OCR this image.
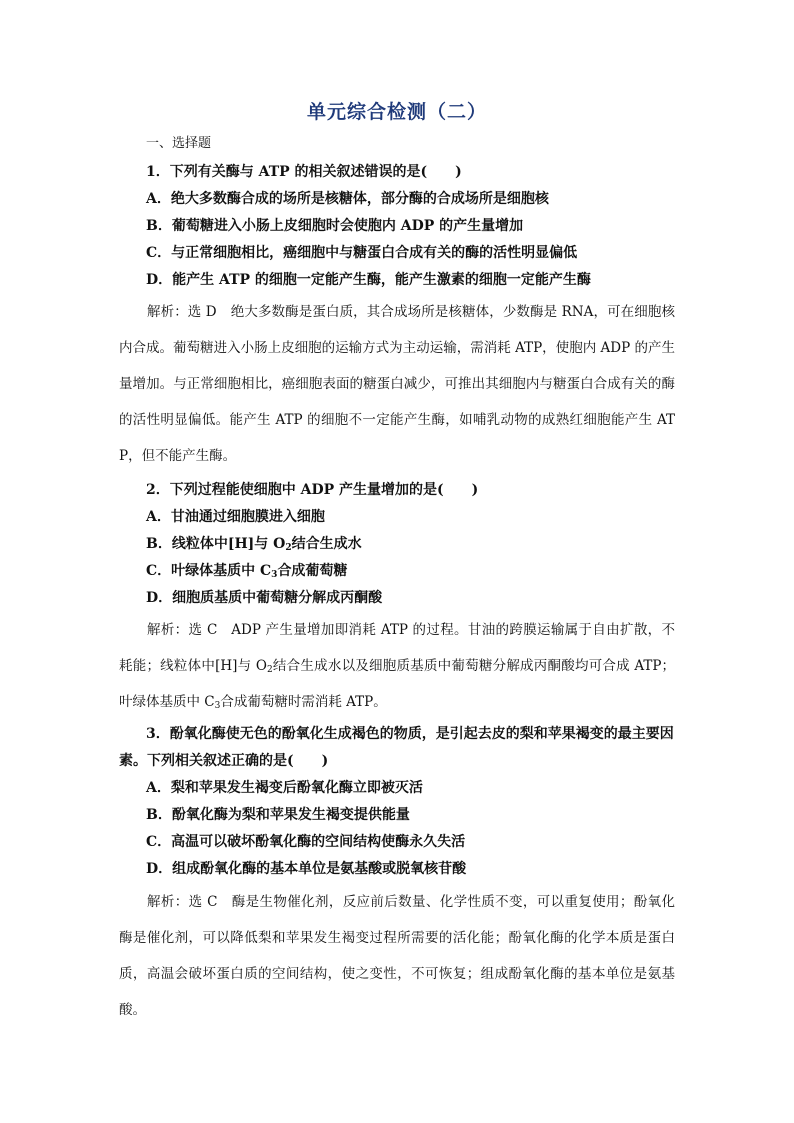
单元综合检测（二）
一、选择题
1．下列有关酶与 ATP 的相关叙述错误的是(　　)
A．绝大多数酶合成的场所是核糖体，部分酶的合成场所是细胞核
B．葡萄糖进入小肠上皮细胞时会使胞内 ADP 的产生量增加
C．与正常细胞相比，癌细胞中与糖蛋白合成有关的酶的活性明显偏低
D．能产生 ATP 的细胞一定能产生酶，能产生激素的细胞一定能产生酶
解析：选 D 绝大多数酶是蛋白质，其合成场所是核糖体，少数酶是 RNA，可在细胞核内合成。葡萄糖进入小肠上皮细胞的运输方式为主动运输，需消耗 ATP，使胞内 ADP 的产生量增加。与正常细胞相比，癌细胞表面的糖蛋白减少，可推出其细胞内与糖蛋白合成有关的酶的活性明显偏低。能产生 ATP 的细胞不一定能产生酶，如哺乳动物的成熟红细胞能产生 ATP，但不能产生酶。
2．下列过程能使细胞中 ADP 产生量增加的是(　　)
A．甘油通过细胞膜进入细胞
B．线粒体中[H]与 $O_2$结合生成水
C．叶绿体基质中 $C_3$合成葡萄糖
D．细胞质基质中葡萄糖分解成丙酮酸
解析：选 C ADP 产生量增加即消耗 ATP 的过程。甘油的跨膜运输属于自由扩散，不耗能；线粒体中[H]与 $O_2$结合生成水以及细胞质基质中葡萄糖分解成丙酮酸均可合成 ATP；叶绿体基质中 $C_3$合成葡萄糖时需消耗 ATP。
3．酚氧化酶使无色的酚氧化生成褐色的物质，是引起去皮的梨和苹果褐变的最主要因
素。下列相关叙述正确的是(　　)
A．梨和苹果发生褐变后酚氧化酶立即被灭活
B．酚氧化酶为梨和苹果发生褐变提供能量
C．高温可以破坏酚氧化酶的空间结构使酶永久失活
D．组成酚氧化酶的基本单位是氨基酸或脱氧核苷酸
解析：选 C 酶是生物催化剂，反应前后数量、化学性质不变，可以重复使用；酚氧化酶是催化剂，可以降低梨和苹果发生褐变过程所需要的活化能；酚氧化酶的化学本质是蛋白质，高温会破坏蛋白质的空间结构，使之变性，不可恢复；组成酚氧化酶的基本单位是氨基酸。
